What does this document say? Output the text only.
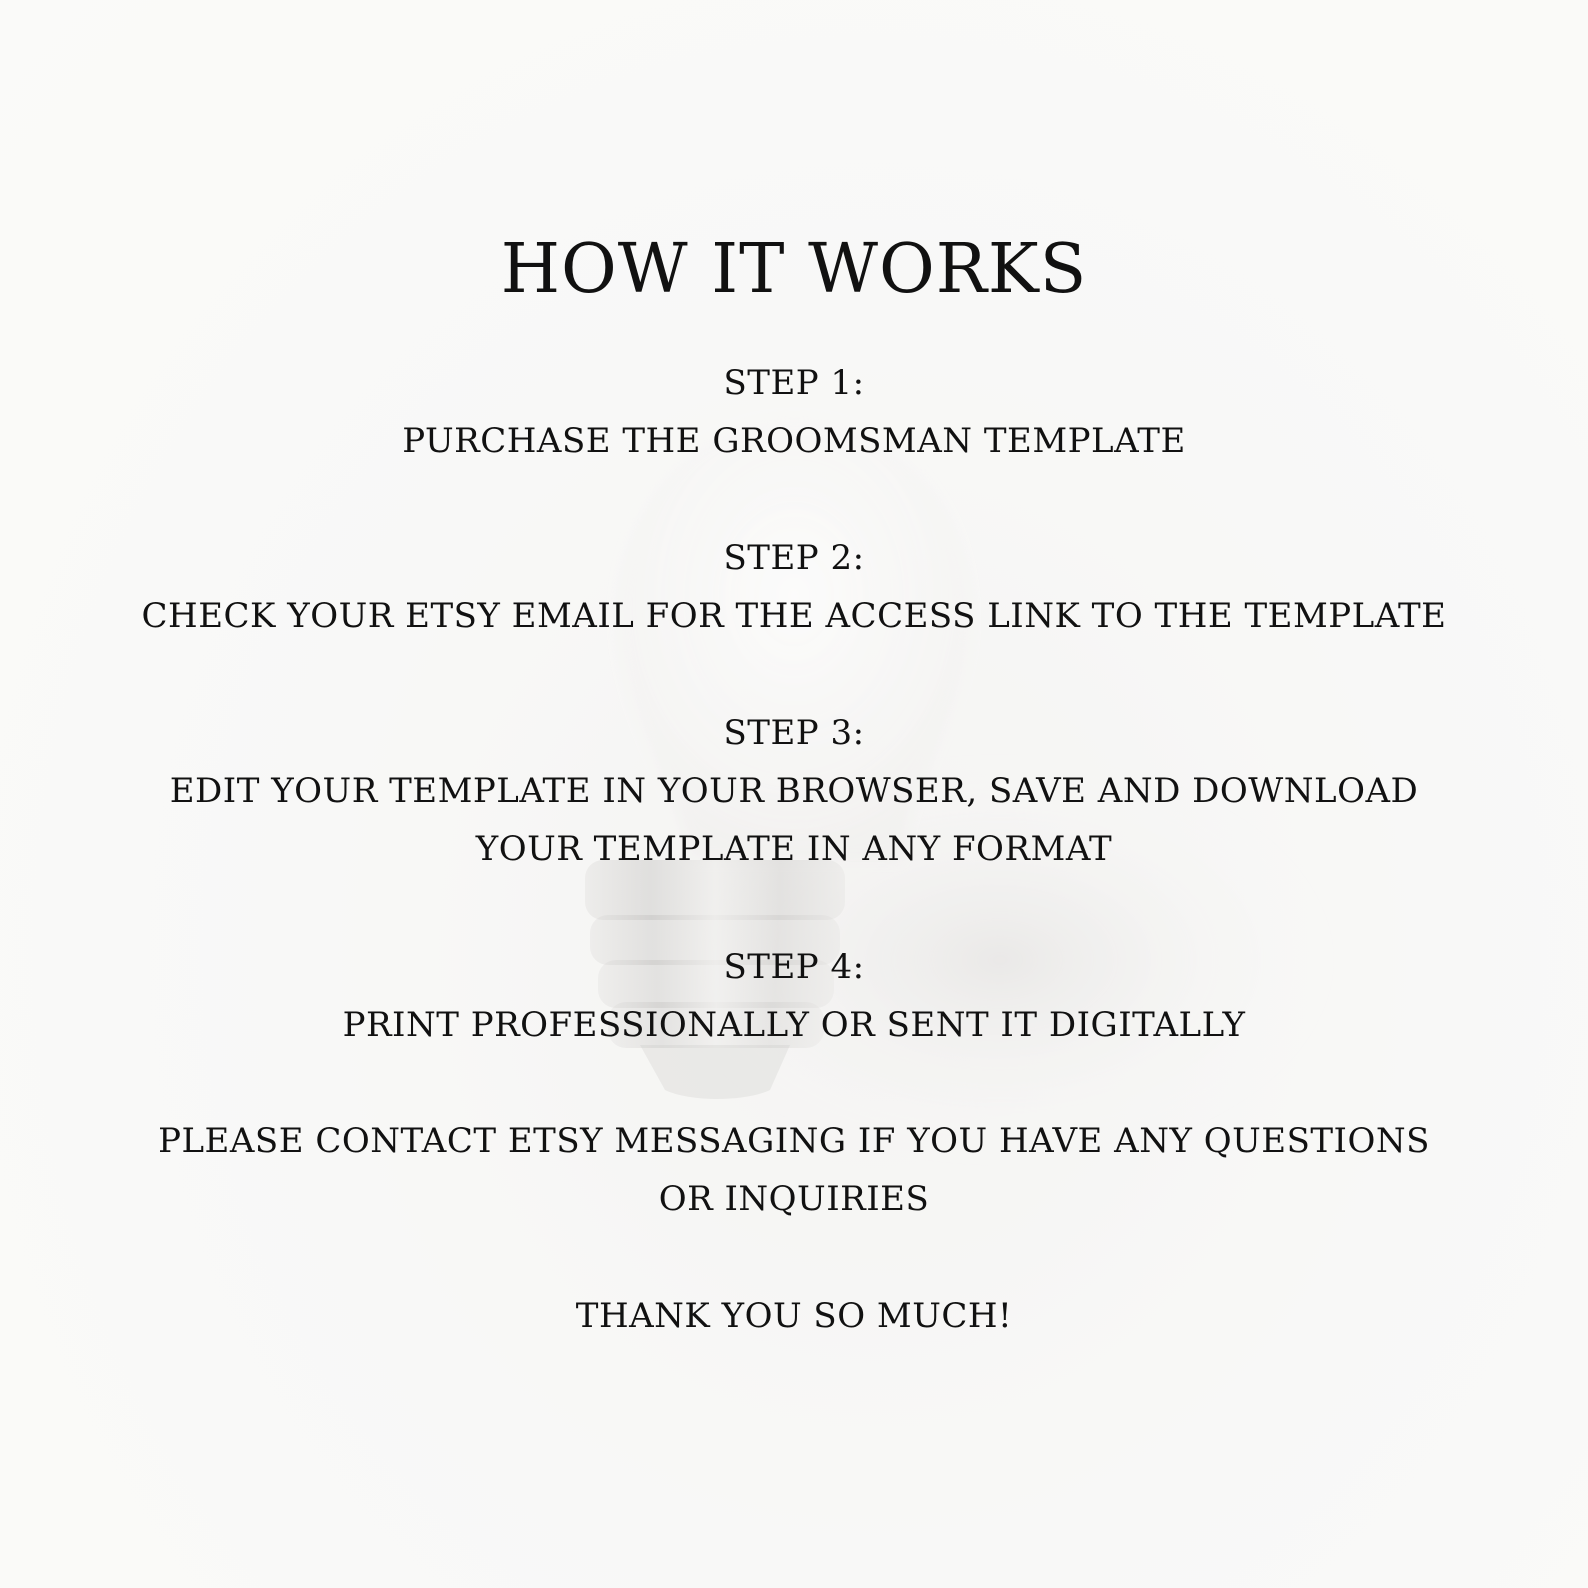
HOW IT WORKS
STEP 1:
PURCHASE THE GROOMSMAN TEMPLATE
STEP 2:
CHECK YOUR ETSY EMAIL FOR THE ACCESS LINK TO THE TEMPLATE
STEP 3:
EDIT YOUR TEMPLATE IN YOUR BROWSER, SAVE AND DOWNLOAD YOUR TEMPLATE IN ANY FORMAT
STEP 4:
PRINT PROFESSIONALLY OR SENT IT DIGITALLY
PLEASE CONTACT ETSY MESSAGING IF YOU HAVE ANY QUESTIONS OR INQUIRIES
THANK YOU SO MUCH!
